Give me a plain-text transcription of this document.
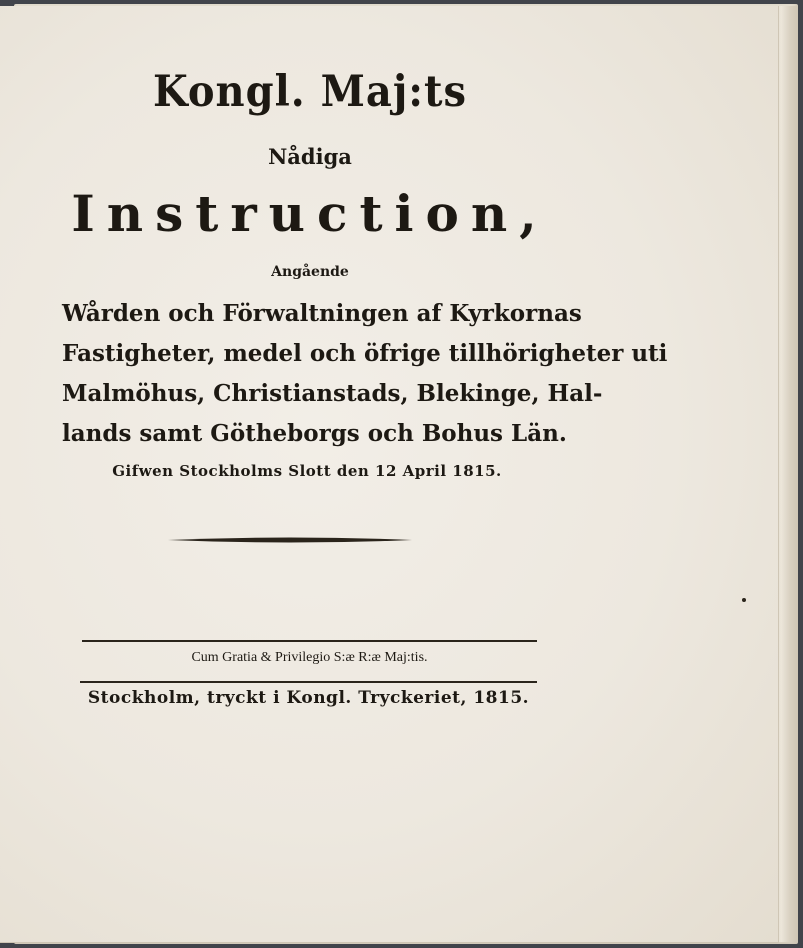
Kongl. Maj:ts
Nådiga
Instruction,
Angående
Wården och Förwaltningen af Kyrkornas
Fastigheter, medel och öfrige tillhörigheter uti
Malmöhus, Christianstads, Blekinge, Hal-
lands samt Götheborgs och Bohus Län.
Gifwen Stockholms Slott den 12 April 1815.
Cum Gratia & Privilegio S:æ R:æ Maj:tis.
Stockholm, tryckt i Kongl. Tryckeriet, 1815.
